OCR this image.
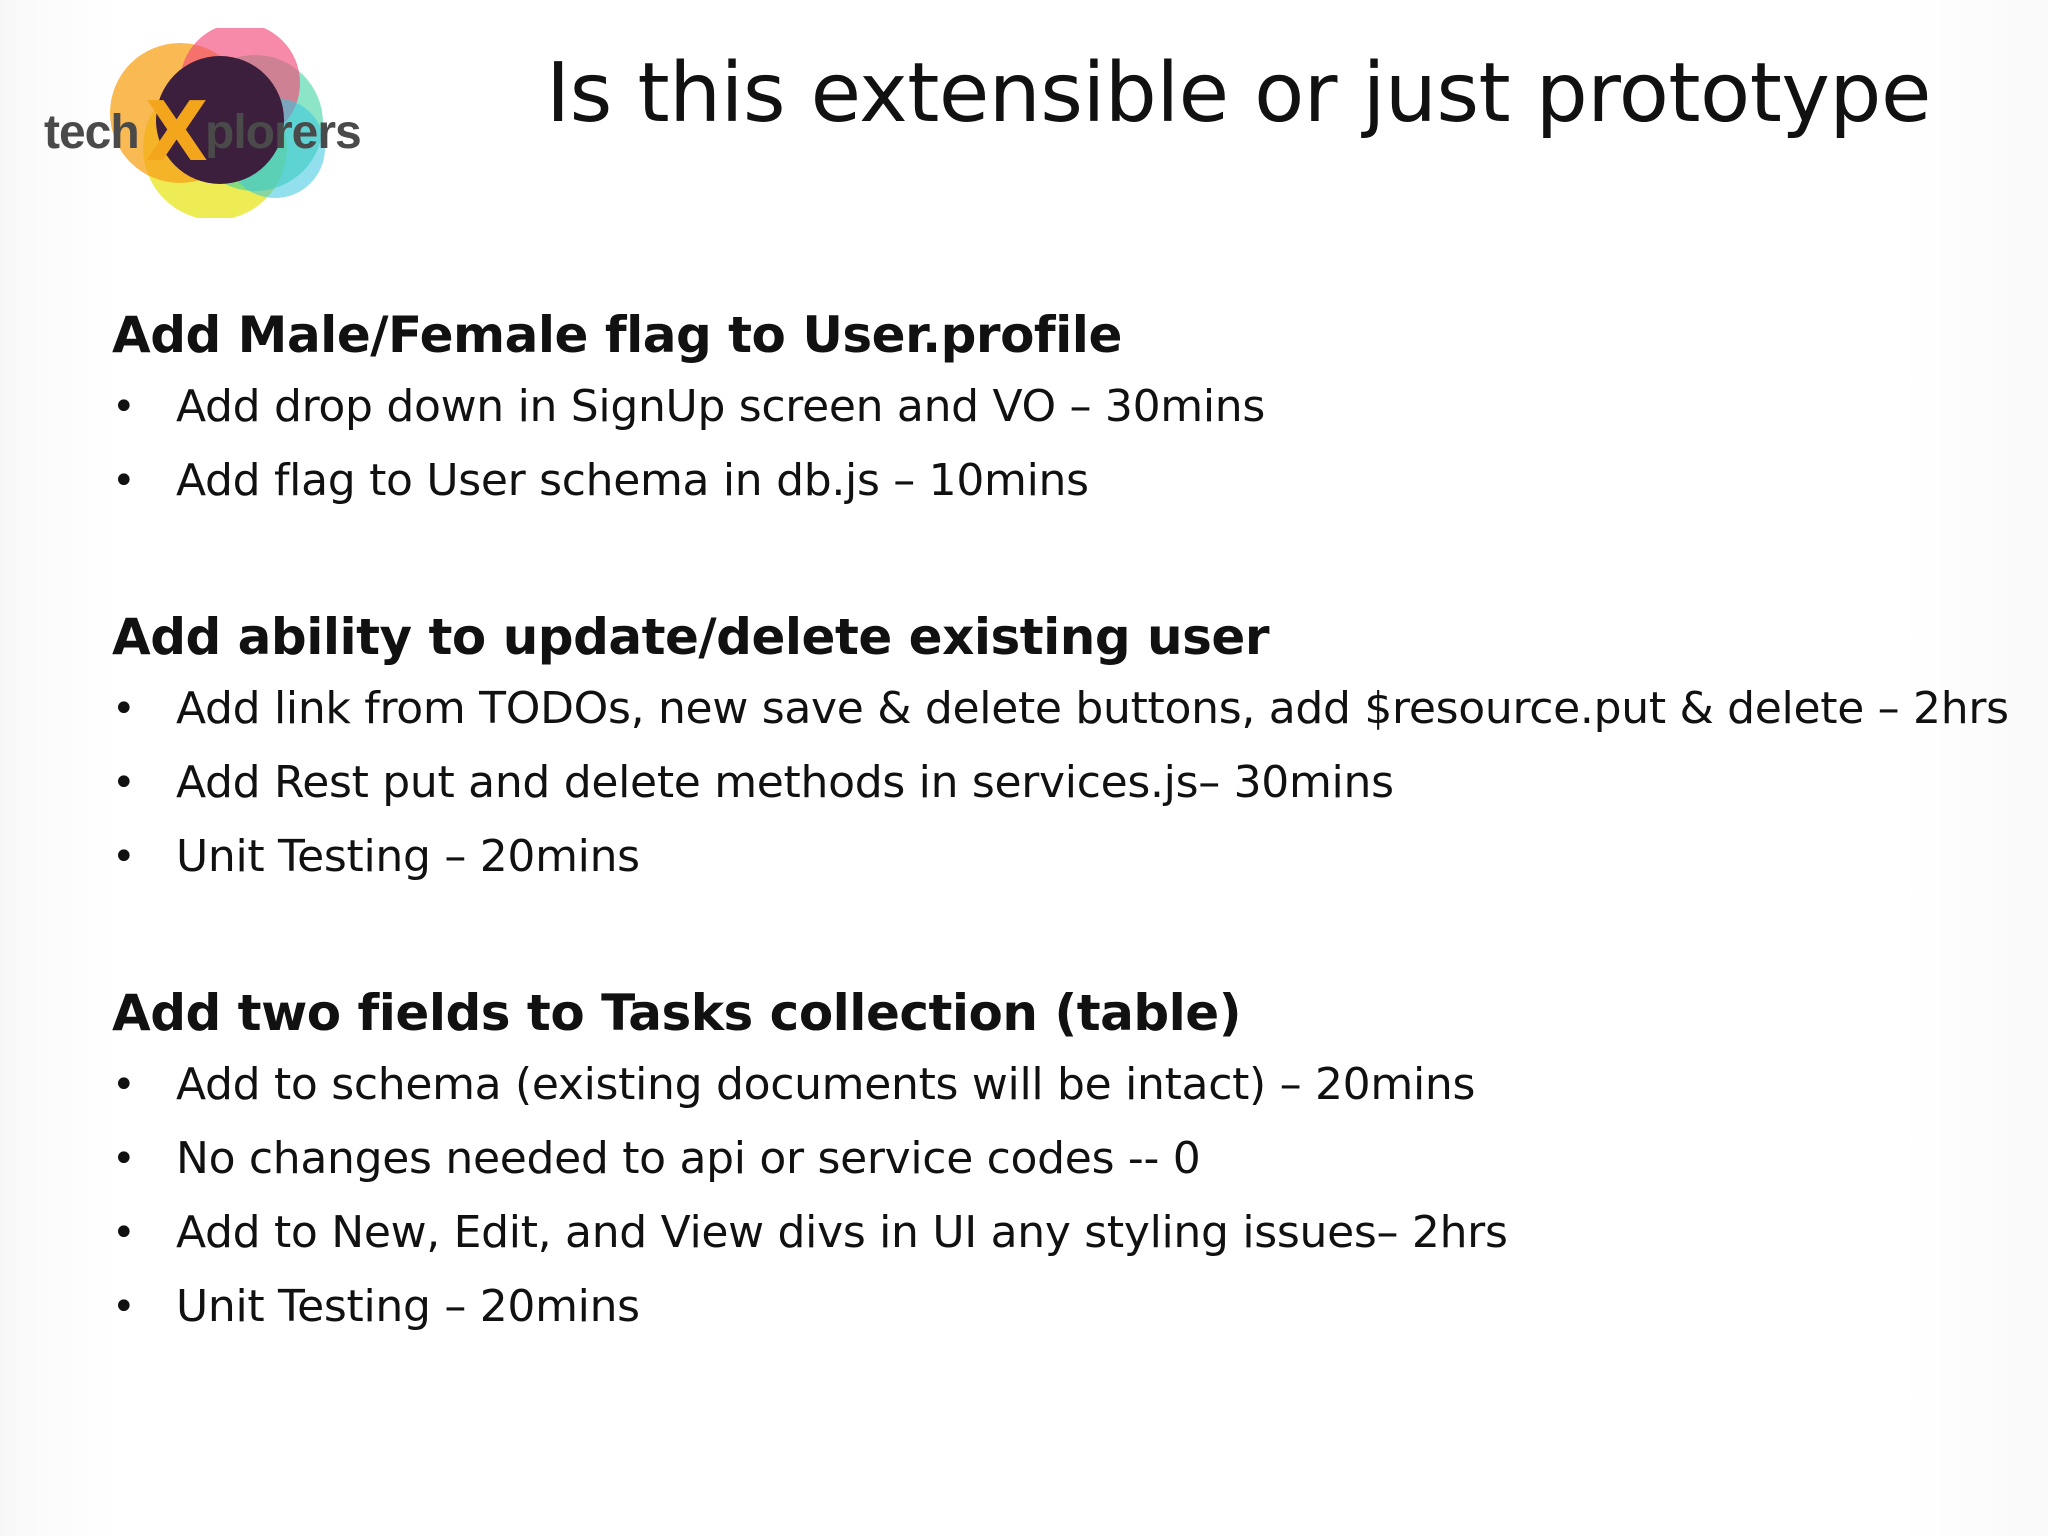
tech X
plorers Is this extensible or just prototype
Add Male/Female flag to User.profile
• Add drop down in SignUp screen and VO – 30mins
• Add flag to User schema in db.js – 10mins
Add ability to update/delete existing user
• Add link from TODOs, new save & delete buttons, add $resource.put & delete – 2hrs
• Add Rest put and delete methods in services.js– 30mins
• Unit Testing – 20mins
Add two fields to Tasks collection (table)
• Add to schema (existing documents will be intact) – 20mins
• No changes needed to api or service codes -- 0
• Add to New, Edit, and View divs in UI any styling issues– 2hrs
• Unit Testing – 20mins
